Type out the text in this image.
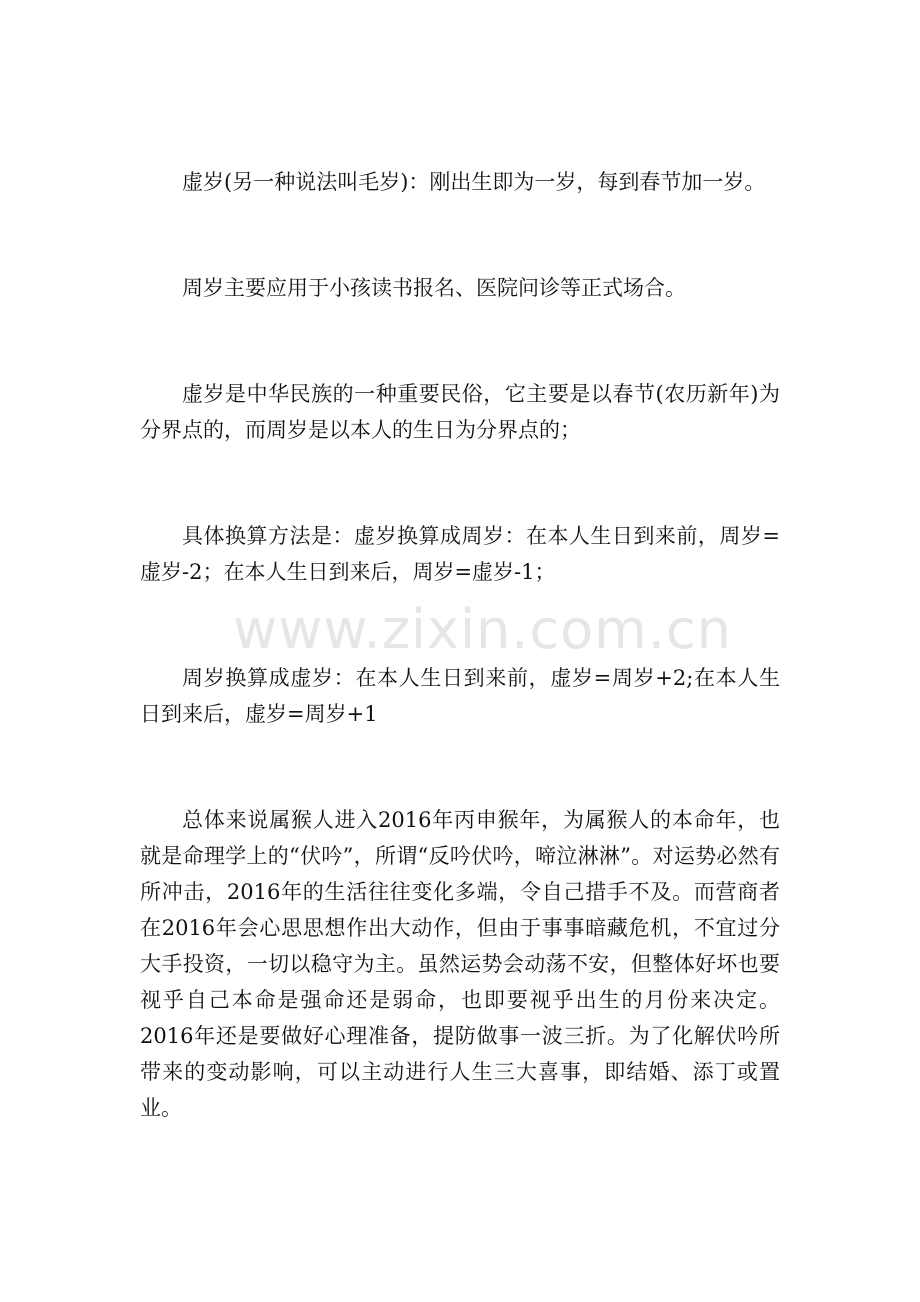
虚岁(另一种说法叫毛岁)：刚出生即为一岁，每到春节加一岁。

周岁主要应用于小孩读书报名、医院问诊等正式场合。

虚岁是中华民族的一种重要民俗，它主要是以春节(农历新年)为分界点的，而周岁是以本人的生日为分界点的；

具体换算方法是：虚岁换算成周岁：在本人生日到来前，周岁=虚岁-2；在本人生日到来后，周岁=虚岁-1；

周岁换算成虚岁：在本人生日到来前，虚岁=周岁+2;在本人生日到来后，虚岁=周岁+1

总体来说属猴人进入2016年丙申猴年，为属猴人的本命年，也就是命理学上的“伏吟”，所谓“反吟伏吟，啼泣淋淋”。对运势必然有所冲击，2016年的生活往往变化多端，令自己措手不及。而营商者在2016年会心思思想作出大动作，但由于事事暗藏危机，不宜过分大手投资，一切以稳守为主。虽然运势会动荡不安，但整体好坏也要视乎自己本命是强命还是弱命，也即要视乎出生的月份来决定。2016年还是要做好心理准备，提防做事一波三折。为了化解伏吟所带来的变动影响，可以主动进行人生三大喜事，即结婚、添丁或置业。

www.zixin.com.cn
